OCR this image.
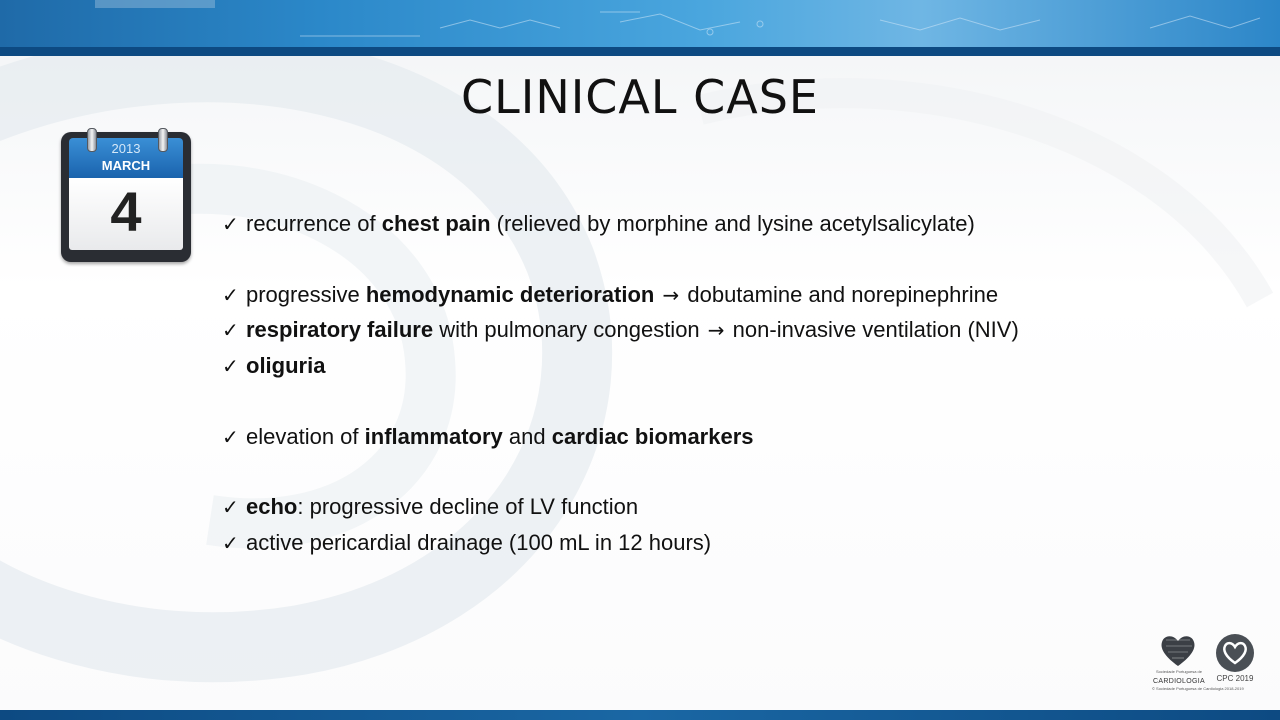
CLINICAL CASE
2013
MARCH
4	✓ recurrence of chest pain (relieved by morphine and lysine acetylsalicylate)
✓ progressive hemodynamic deterioration → dobutamine and norepinephrine
✓ respiratory failure with pulmonary congestion → non-invasive ventilation (NIV)
✓ oliguria
✓ elevation of inflammatory and cardiac biomarkers
✓ echo: progressive decline of LV function
✓ active pericardial drainage (100 mL in 12 hours)
Sociedade Portuguesa de
CARDIOLOGIA	CPC 2019
© Sociedade Portuguesa de Cardiologia 2018-2019
